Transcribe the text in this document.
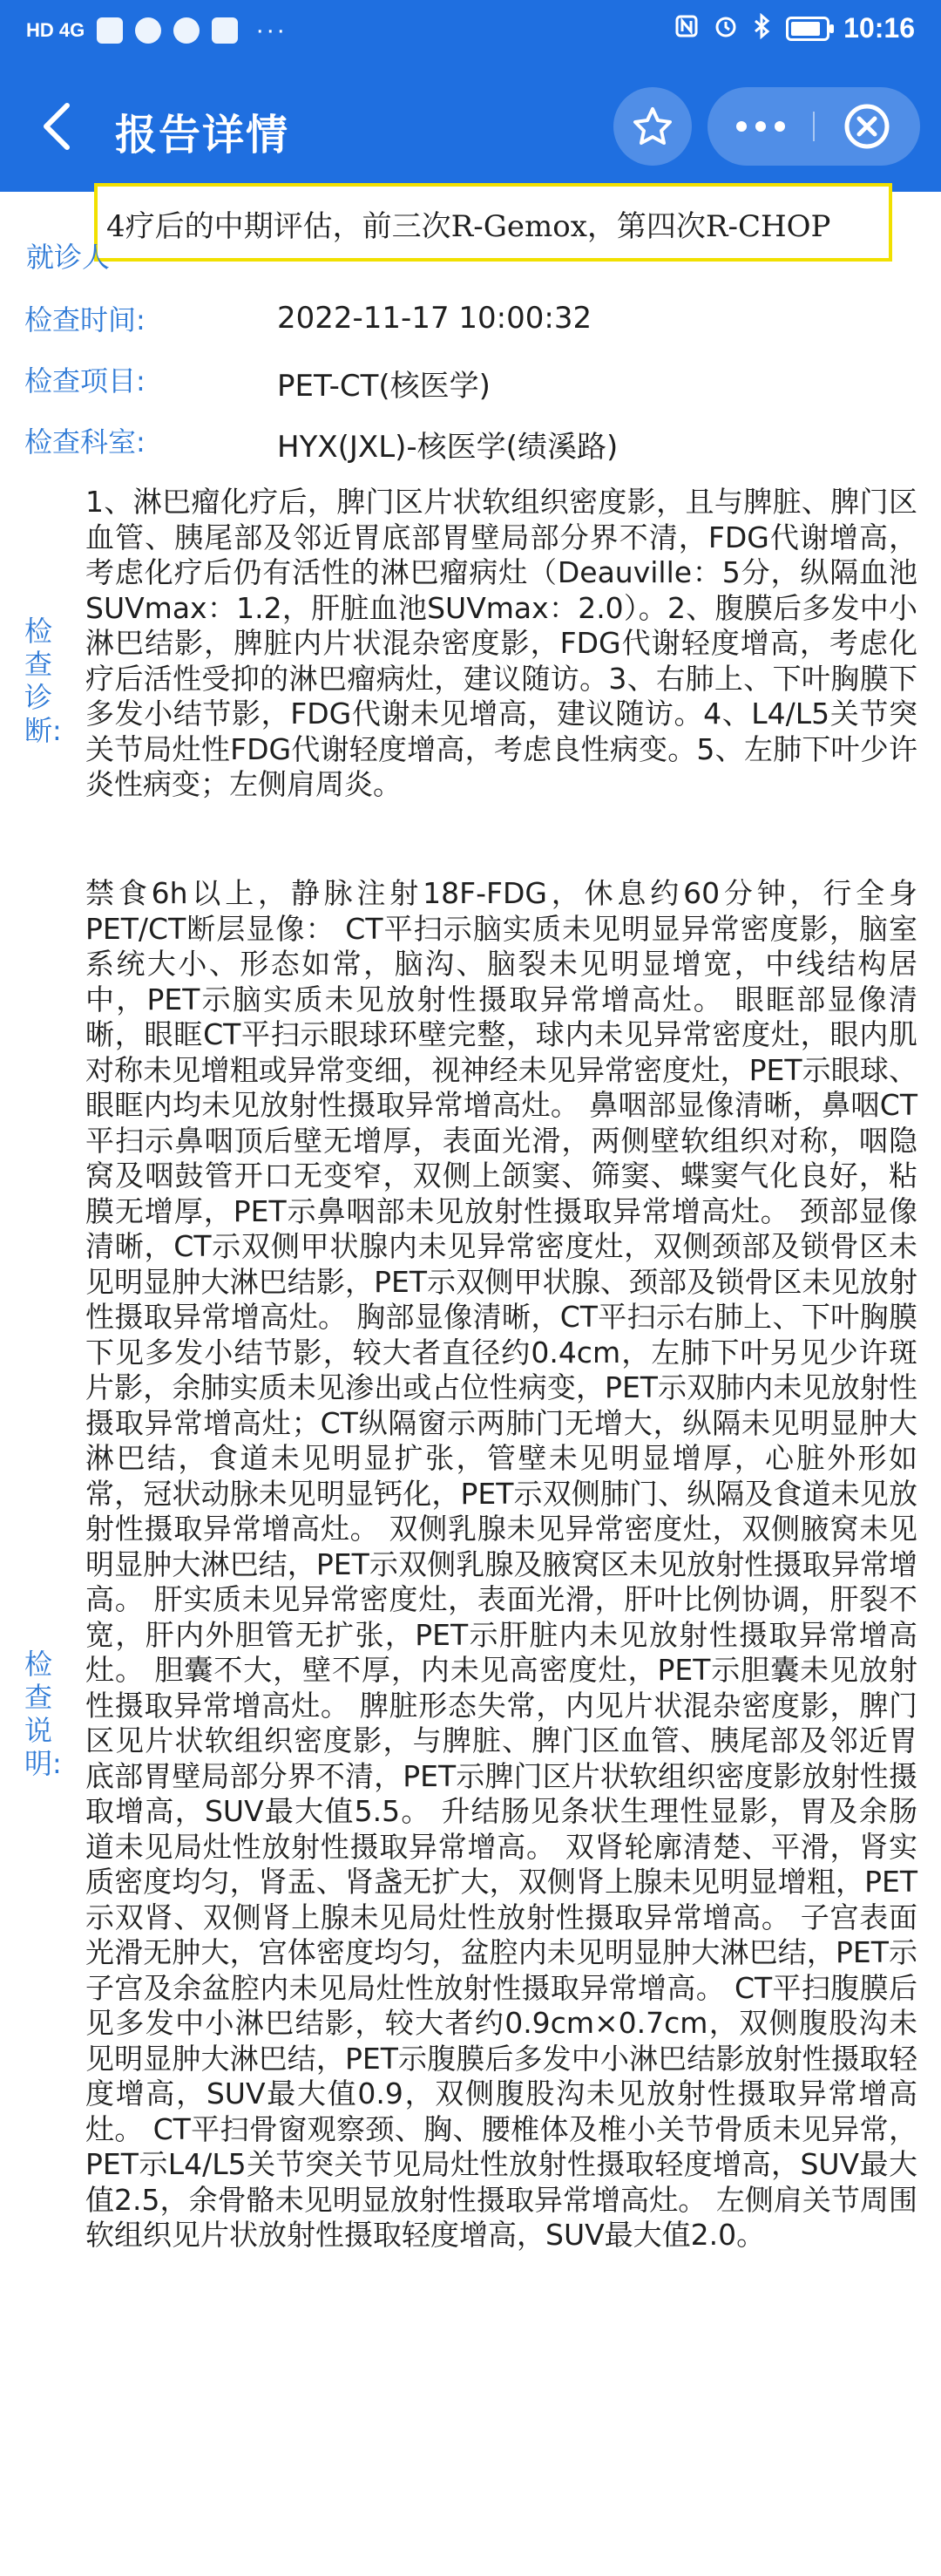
HD 4G	···	10:16
报告详情
4疗后的中期评估，前三次R-Gemox，第四次R-CHOP
就诊人
检查时间:	2022-11-17 10:00:32
检查项目:	PET-CT(核医学)
检查科室:	HYX(JXL)-核医学(绩溪路)
检查诊断:
1、淋巴瘤化疗后，脾门区片状软组织密度影，且与脾脏、脾门区血管、胰尾部及邻近胃底部胃壁局部分界不清，FDG代谢增高，考虑化疗后仍有活性的淋巴瘤病灶（Deauville：5分，纵隔血池SUVmax：1.2，肝脏血池SUVmax：2.0）。2、腹膜后多发中小淋巴结影，脾脏内片状混杂密度影，FDG代谢轻度增高，考虑化疗后活性受抑的淋巴瘤病灶，建议随访。3、右肺上、下叶胸膜下多发小结节影，FDG代谢未见增高，建议随访。4、L4/L5关节突关节局灶性FDG代谢轻度增高，考虑良性病变。5、左肺下叶少许炎性病变；左侧肩周炎。
检查说明:
禁食6h以上，静脉注射18F-FDG，休息约60分钟，行全身PET/CT断层显像： CT平扫示脑实质未见明显异常密度影，脑室系统大小、形态如常，脑沟、脑裂未见明显增宽，中线结构居中，PET示脑实质未见放射性摄取异常增高灶。 眼眶部显像清晰，眼眶CT平扫示眼球环壁完整，球内未见异常密度灶，眼内肌对称未见增粗或异常变细，视神经未见异常密度灶，PET示眼球、眼眶内均未见放射性摄取异常增高灶。 鼻咽部显像清晰，鼻咽CT平扫示鼻咽顶后壁无增厚，表面光滑，两侧壁软组织对称，咽隐窝及咽鼓管开口无变窄，双侧上颌窦、筛窦、蝶窦气化良好，粘膜无增厚，PET示鼻咽部未见放射性摄取异常增高灶。 颈部显像清晰，CT示双侧甲状腺内未见异常密度灶，双侧颈部及锁骨区未见明显肿大淋巴结影，PET示双侧甲状腺、颈部及锁骨区未见放射性摄取异常增高灶。 胸部显像清晰，CT平扫示右肺上、下叶胸膜下见多发小结节影，较大者直径约0.4cm，左肺下叶另见少许斑片影，余肺实质未见渗出或占位性病变，PET示双肺内未见放射性摄取异常增高灶；CT纵隔窗示两肺门无增大，纵隔未见明显肿大淋巴结，食道未见明显扩张，管壁未见明显增厚，心脏外形如常，冠状动脉未见明显钙化，PET示双侧肺门、纵隔及食道未见放射性摄取异常增高灶。 双侧乳腺未见异常密度灶，双侧腋窝未见明显肿大淋巴结，PET示双侧乳腺及腋窝区未见放射性摄取异常增高。 肝实质未见异常密度灶，表面光滑，肝叶比例协调，肝裂不宽，肝内外胆管无扩张，PET示肝脏内未见放射性摄取异常增高灶。 胆囊不大，壁不厚，内未见高密度灶，PET示胆囊未见放射性摄取异常增高灶。 脾脏形态失常，内见片状混杂密度影，脾门区见片状软组织密度影，与脾脏、脾门区血管、胰尾部及邻近胃底部胃壁局部分界不清，PET示脾门区片状软组织密度影放射性摄取增高，SUV最大值5.5。 升结肠见条状生理性显影，胃及余肠道未见局灶性放射性摄取异常增高。 双肾轮廓清楚、平滑，肾实质密度均匀，肾盂、肾盏无扩大，双侧肾上腺未见明显增粗，PET示双肾、双侧肾上腺未见局灶性放射性摄取异常增高。 子宫表面光滑无肿大，宫体密度均匀，盆腔内未见明显肿大淋巴结，PET示子宫及余盆腔内未见局灶性放射性摄取异常增高。 CT平扫腹膜后见多发中小淋巴结影，较大者约0.9cm×0.7cm，双侧腹股沟未见明显肿大淋巴结，PET示腹膜后多发中小淋巴结影放射性摄取轻度增高，SUV最大值0.9，双侧腹股沟未见放射性摄取异常增高灶。 CT平扫骨窗观察颈、胸、腰椎体及椎小关节骨质未见异常，PET示L4/L5关节突关节见局灶性放射性摄取轻度增高，SUV最大值2.5，余骨骼未见明显放射性摄取异常增高灶。 左侧肩关节周围软组织见片状放射性摄取轻度增高，SUV最大值2.0。
